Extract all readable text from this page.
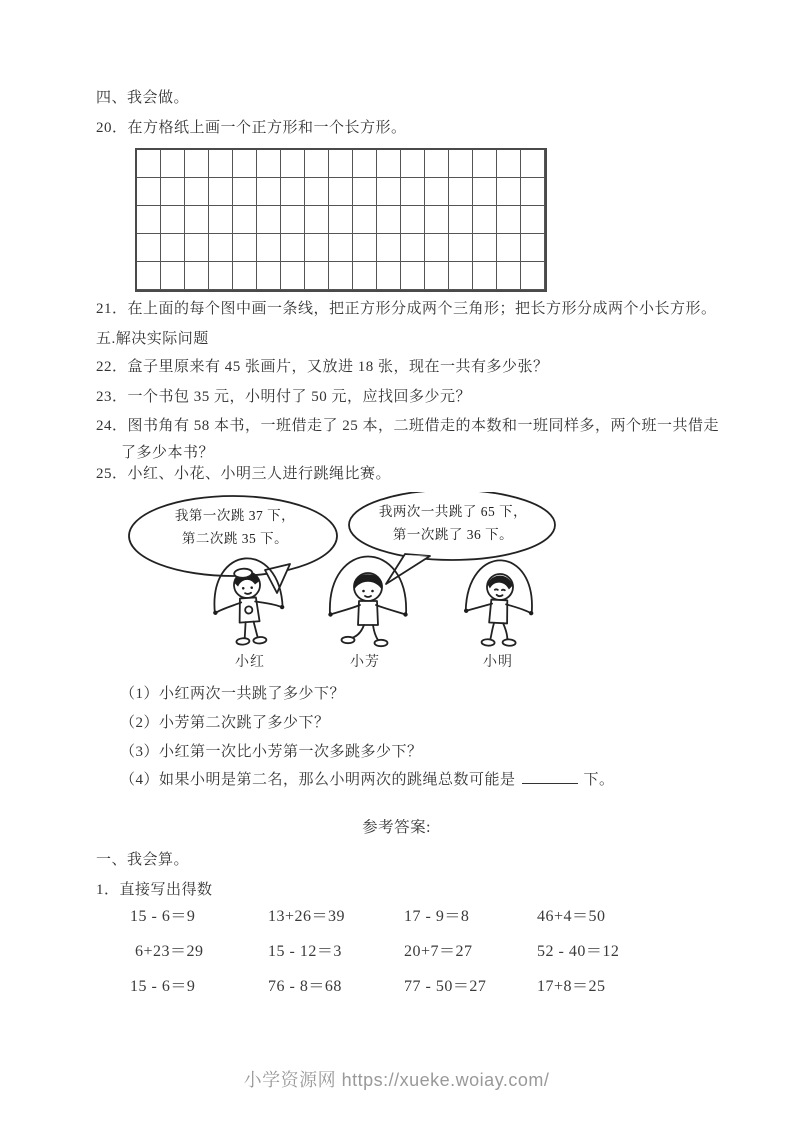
四、我会做。
20．在方格纸上画一个正方形和一个长方形。
21．在上面的每个图中画一条线，把正方形分成两个三角形；把长方形分成两个小长方形。
五.解决实际问题
22．盒子里原来有 45 张画片，又放进 18 张，现在一共有多少张？
23．一个书包 35 元，小明付了 50 元，应找回多少元？
24．图书角有 58 本书，一班借走了 25 本，二班借走的本数和一班同样多，两个班一共借走
了多少本书？
25．小红、小花、小明三人进行跳绳比赛。
我第一次跳 37 下，
第二次跳 35 下。
我两次一共跳了 65 下，
第一次跳了 36 下。
小红	小芳	小明
（1）小红两次一共跳了多少下？
（2）小芳第二次跳了多少下？
（3）小红第一次比小芳第一次多跳多少下？
（4）如果小明是第二名，那么小明两次的跳绳总数可能是	下。
参考答案:
一、我会算。
1．直接写出得数
15 - 6＝9	13+26＝39	17 - 9＝8	46+4＝50
6+23＝29	15 - 12＝3	20+7＝27	52 - 40＝12
15 - 6＝9	76 - 8＝68	77 - 50＝27	17+8＝25
小学资源网 https://xueke.woiay.com/
